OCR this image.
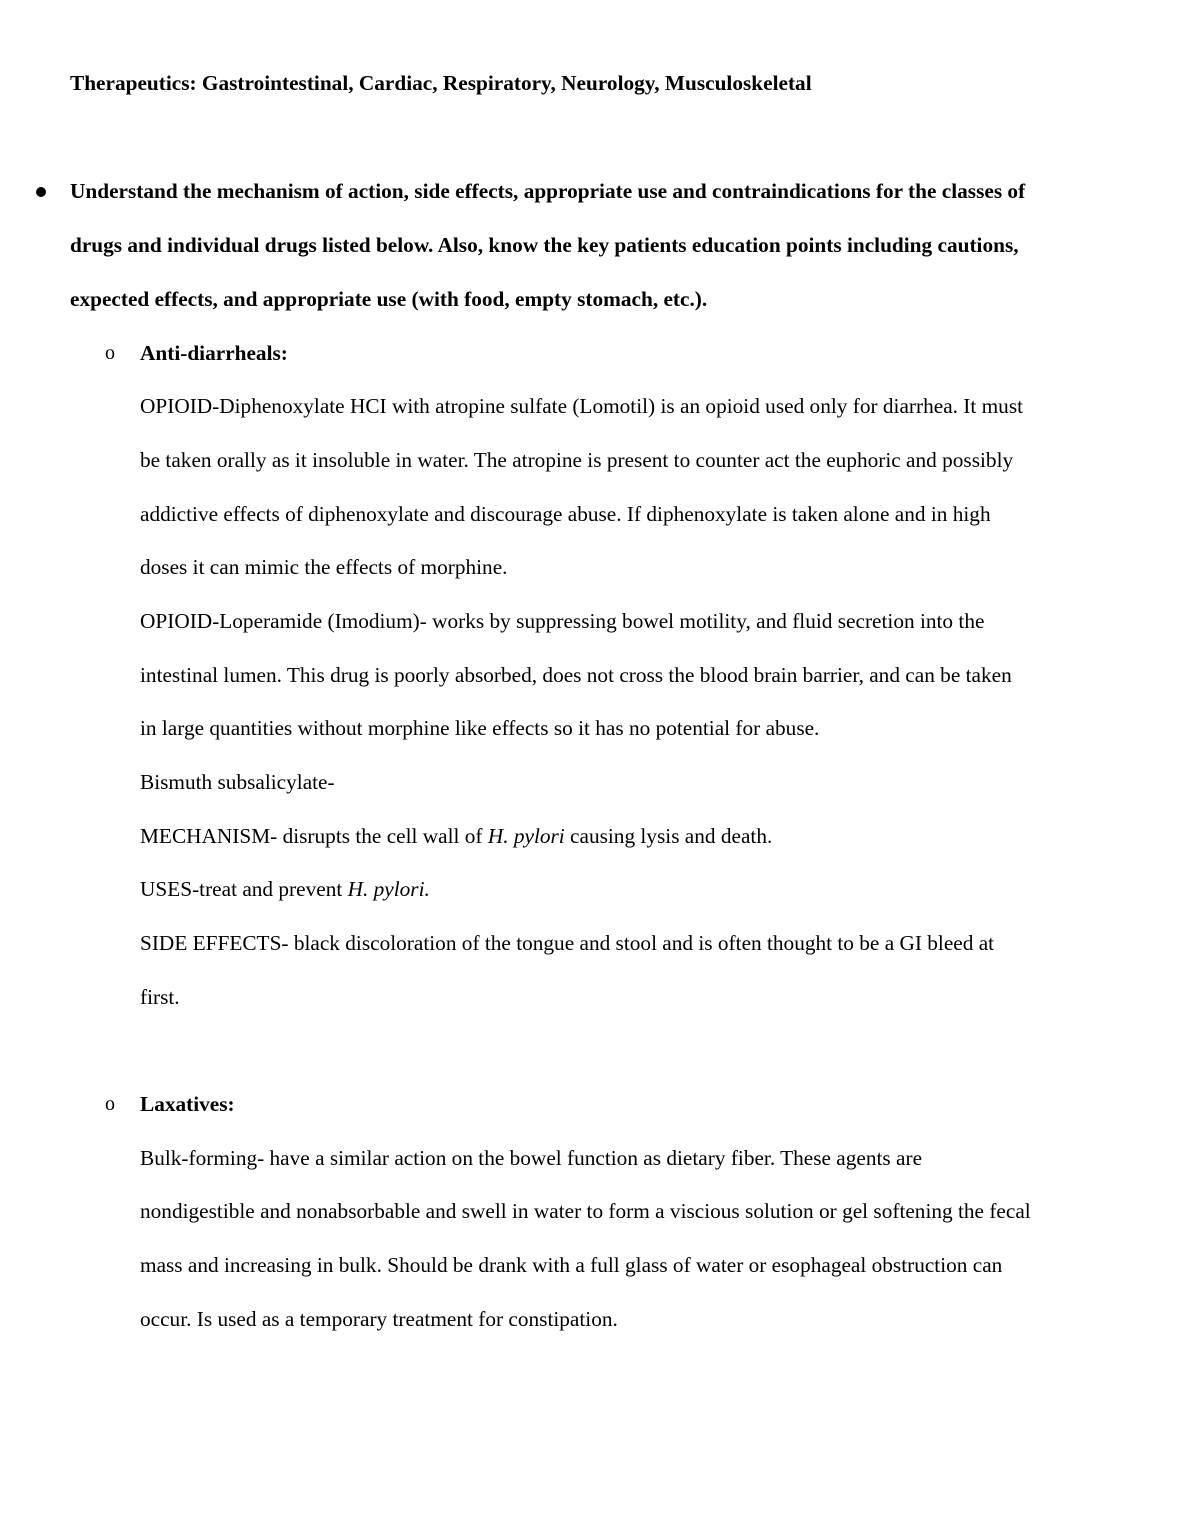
Therapeutics: Gastrointestinal, Cardiac, Respiratory, Neurology, Musculoskeletal
Understand the mechanism of action, side effects, appropriate use and contraindications for the classes of
drugs and individual drugs listed below. Also, know the key patients education points including cautions,
expected effects, and appropriate use (with food, empty stomach, etc.).
o Anti-diarrheals:
OPIOID-Diphenoxylate HCI with atropine sulfate (Lomotil) is an opioid used only for diarrhea. It must
be taken orally as it insoluble in water. The atropine is present to counter act the euphoric and possibly
addictive effects of diphenoxylate and discourage abuse. If diphenoxylate is taken alone and in high
doses it can mimic the effects of morphine.
OPIOID-Loperamide (Imodium)- works by suppressing bowel motility, and fluid secretion into the
intestinal lumen. This drug is poorly absorbed, does not cross the blood brain barrier, and can be taken
in large quantities without morphine like effects so it has no potential for abuse.
Bismuth subsalicylate-
MECHANISM- disrupts the cell wall of H. pylori causing lysis and death.
USES-treat and prevent H. pylori.
SIDE EFFECTS- black discoloration of the tongue and stool and is often thought to be a GI bleed at
first.
o Laxatives:
Bulk-forming- have a similar action on the bowel function as dietary fiber. These agents are
nondigestible and nonabsorbable and swell in water to form a viscious solution or gel softening the fecal
mass and increasing in bulk. Should be drank with a full glass of water or esophageal obstruction can
occur. Is used as a temporary treatment for constipation.
